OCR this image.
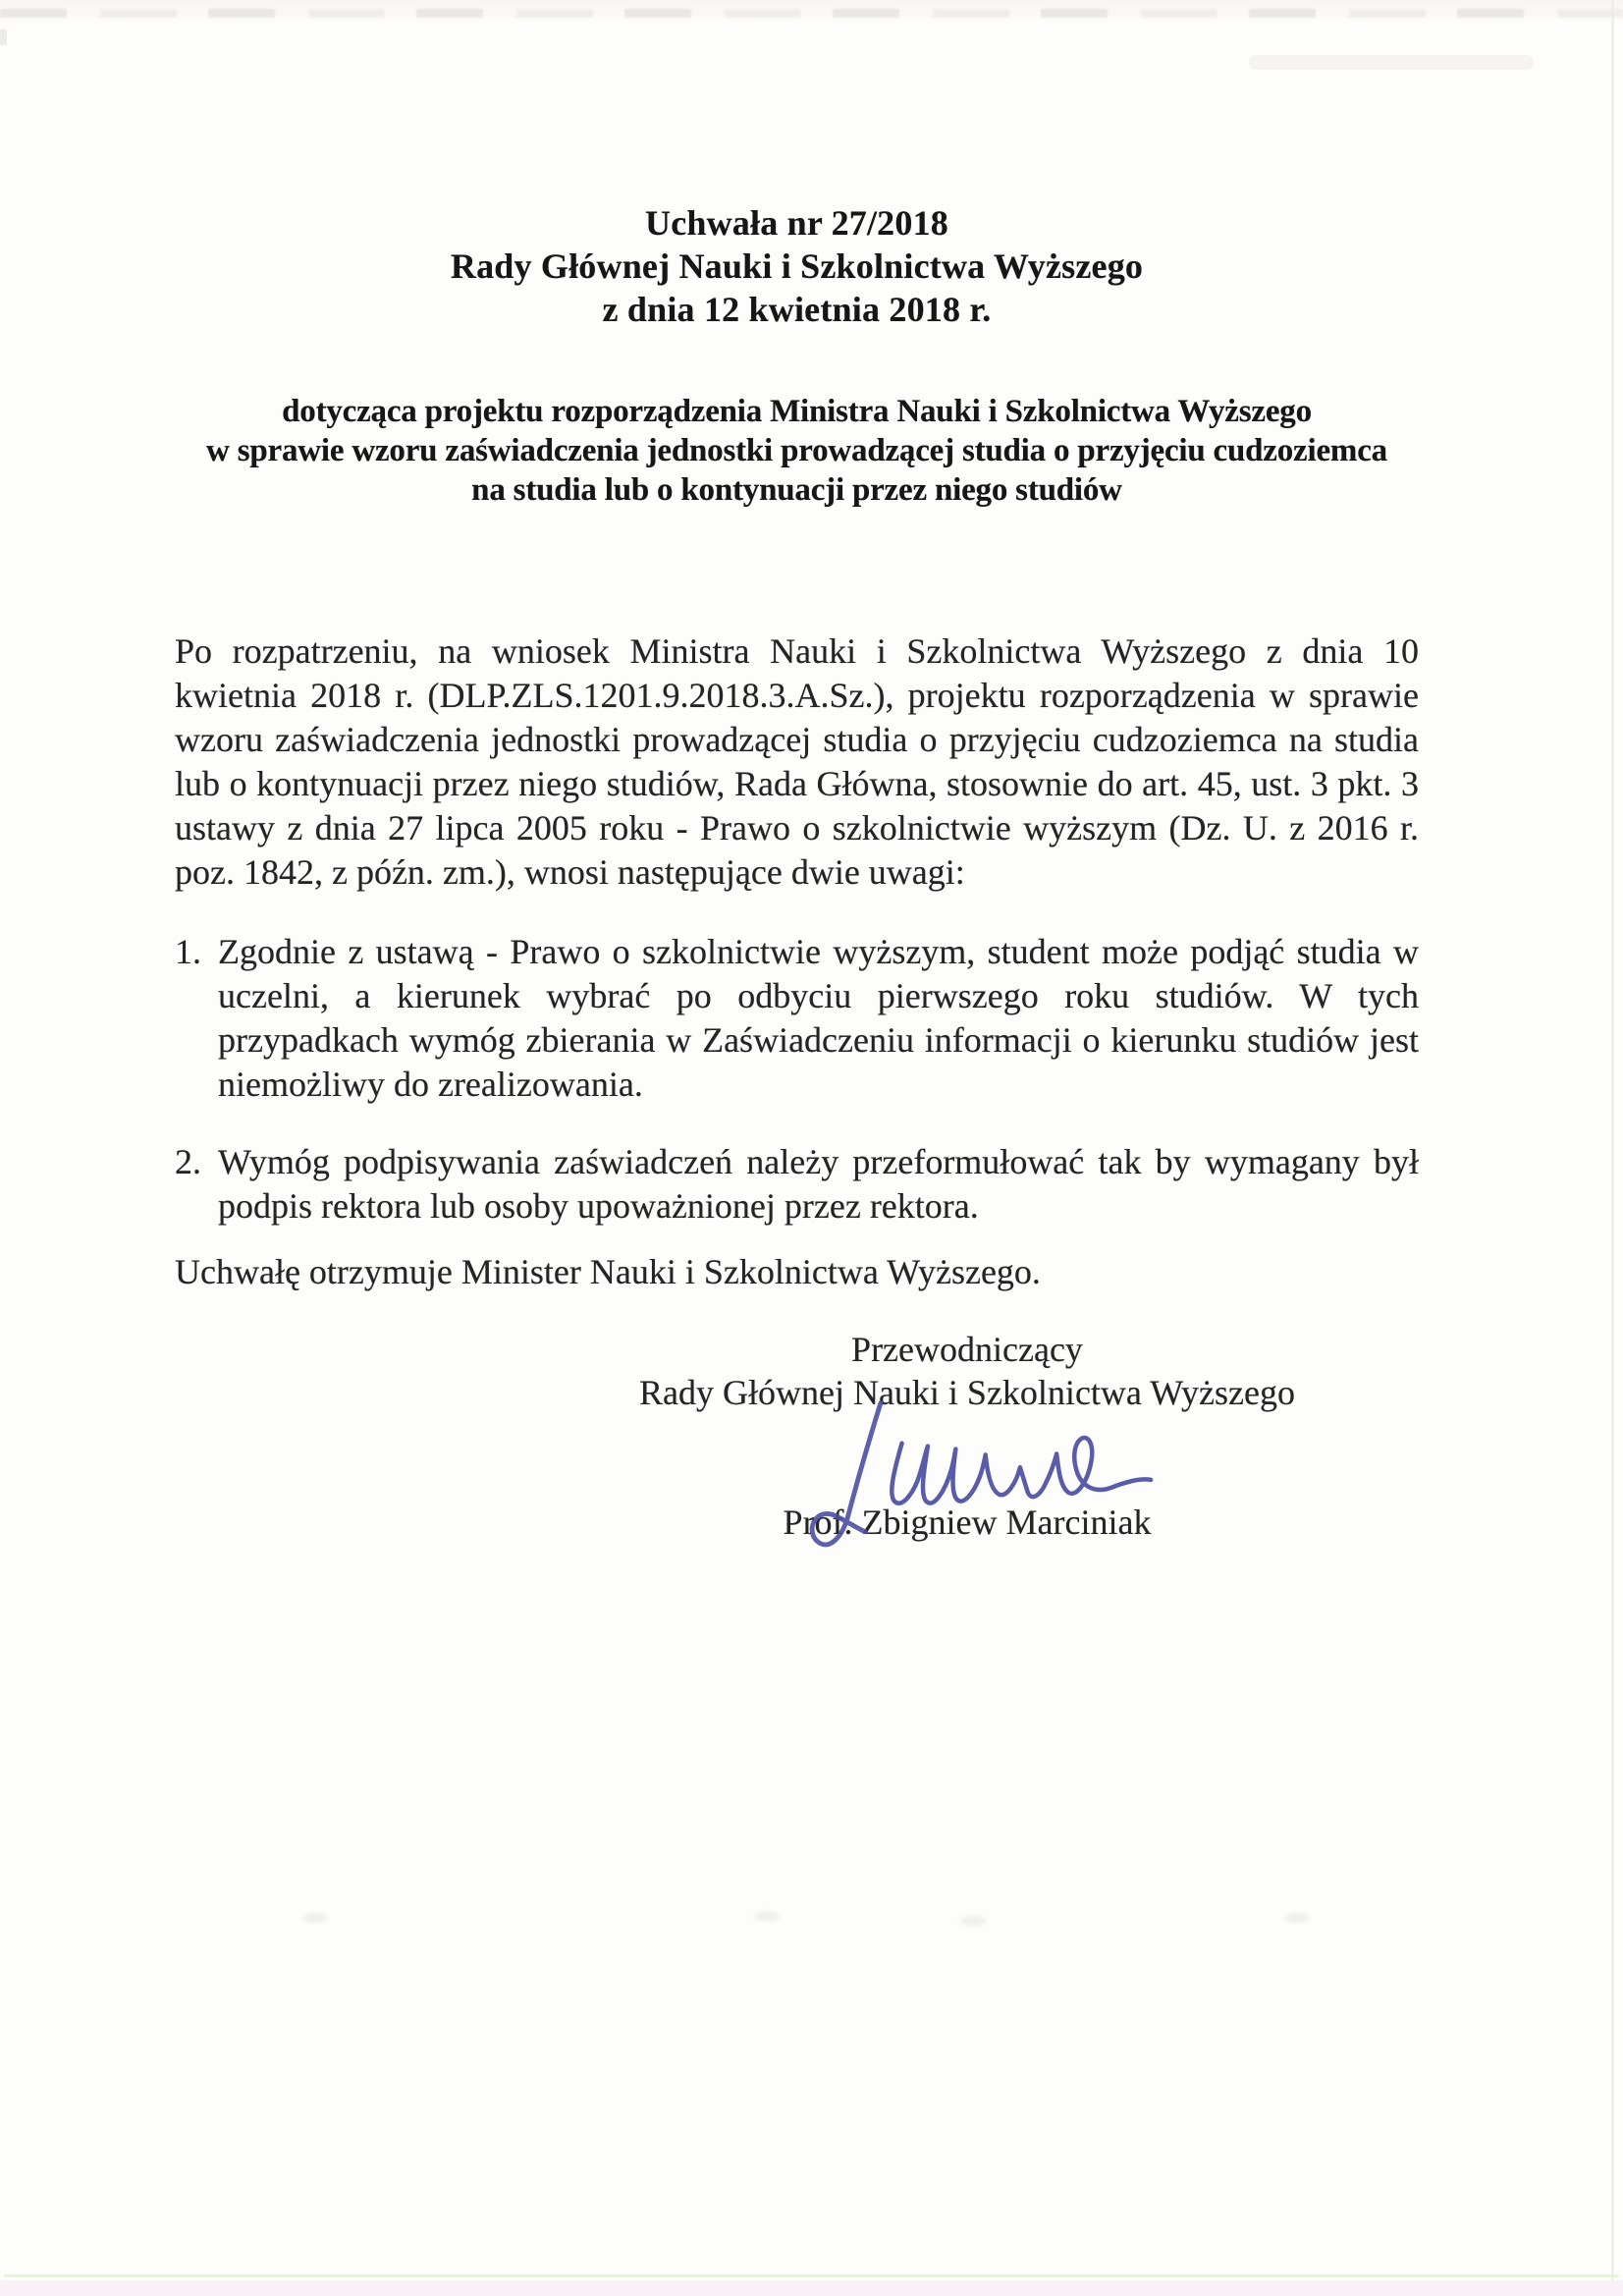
Uchwała nr 27/2018
Rady Głównej Nauki i Szkolnictwa Wyższego
z dnia 12 kwietnia 2018 r.
dotycząca projektu rozporządzenia Ministra Nauki i Szkolnictwa Wyższego
w sprawie wzoru zaświadczenia jednostki prowadzącej studia o przyjęciu cudzoziemca
na studia lub o kontynuacji przez niego studiów

Po rozpatrzeniu, na wniosek Ministra Nauki i Szkolnictwa Wyższego z dnia 10 kwietnia 2018 r. (DLP.ZLS.1201.9.2018.3.A.Sz.), projektu rozporządzenia w sprawie wzoru zaświadczenia jednostki prowadzącej studia o przyjęciu cudzoziemca na studia lub o kontynuacji przez niego studiów, Rada Główna, stosownie do art. 45, ust. 3 pkt. 3 ustawy z dnia 27 lipca 2005 roku - Prawo o szkolnictwie wyższym (Dz. U. z 2016 r. poz. 1842, z późn. zm.), wnosi następujące dwie uwagi:

1. Zgodnie z ustawą - Prawo o szkolnictwie wyższym, student może podjąć studia w uczelni, a kierunek wybrać po odbyciu pierwszego roku studiów. W tych przypadkach wymóg zbierania w Zaświadczeniu informacji o kierunku studiów jest niemożliwy do zrealizowania.
2. Wymóg podpisywania zaświadczeń należy przeformułować tak by wymagany był podpis rektora lub osoby upoważnionej przez rektora.

Uchwałę otrzymuje Minister Nauki i Szkolnictwa Wyższego.

Przewodniczący
Rady Głównej Nauki i Szkolnictwa Wyższego
Prof. Zbigniew Marciniak
